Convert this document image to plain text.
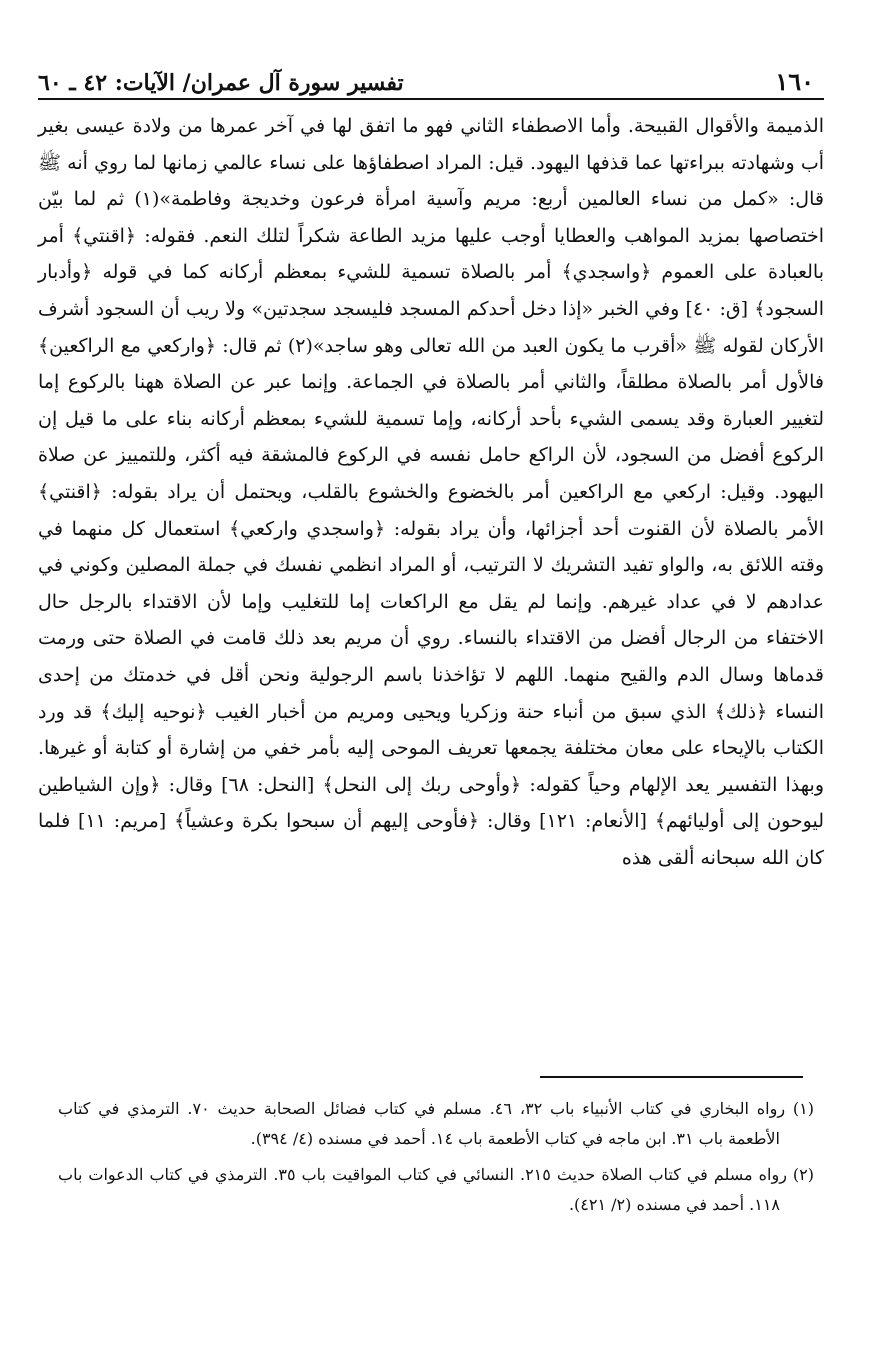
١٦٠
تفسير سورة آل عمران/ الآيات: ٤٢ ـ ٦٠

الذميمة والأقوال القبيحة. وأما الاصطفاء الثاني فهو ما اتفق لها في آخر عمرها من ولادة عيسى بغير أب وشهادته ببراءتها عما قذفها اليهود. قيل: المراد اصطفاؤها على نساء عالمي زمانها لما روي أنه ﷺ قال: «كمل من نساء العالمين أربع: مريم وآسية امرأة فرعون وخديجة وفاطمة»(١) ثم لما بيّن اختصاصها بمزيد المواهب والعطايا أوجب عليها مزيد الطاعة شكراً لتلك النعم. فقوله: ﴿اقنتي﴾ أمر بالعبادة على العموم ﴿واسجدي﴾ أمر بالصلاة تسمية للشيء بمعظم أركانه كما في قوله ﴿وأدبار السجود﴾ [ق: ٤٠] وفي الخبر «إذا دخل أحدكم المسجد فليسجد سجدتين» ولا ريب أن السجود أشرف الأركان لقوله ﷺ «أقرب ما يكون العبد من الله تعالى وهو ساجد»(٢) ثم قال: ﴿واركعي مع الراكعين﴾ فالأول أمر بالصلاة مطلقاً، والثاني أمر بالصلاة في الجماعة. وإنما عبر عن الصلاة ههنا بالركوع إما لتغيير العبارة وقد يسمى الشيء بأحد أركانه، وإما تسمية للشيء بمعظم أركانه بناء على ما قيل إن الركوع أفضل من السجود، لأن الراكع حامل نفسه في الركوع فالمشقة فيه أكثر، وللتمييز عن صلاة اليهود. وقيل: اركعي مع الراكعين أمر بالخضوع والخشوع بالقلب، ويحتمل أن يراد بقوله: ﴿اقنتي﴾ الأمر بالصلاة لأن القنوت أحد أجزائها، وأن يراد بقوله: ﴿واسجدي واركعي﴾ استعمال كل منهما في وقته اللائق به، والواو تفيد التشريك لا الترتيب، أو المراد انظمي نفسك في جملة المصلين وكوني في عدادهم لا في عداد غيرهم. وإنما لم يقل مع الراكعات إما للتغليب وإما لأن الاقتداء بالرجل حال الاختفاء من الرجال أفضل من الاقتداء بالنساء. روي أن مريم بعد ذلك قامت في الصلاة حتى ورمت قدماها وسال الدم والقيح منهما. اللهم لا تؤاخذنا باسم الرجولية ونحن أقل في خدمتك من إحدى النساء ﴿ذلك﴾ الذي سبق من أنباء حنة وزكريا ويحيى ومريم من أخبار الغيب ﴿نوحيه إليك﴾ قد ورد الكتاب بالإيحاء على معان مختلفة يجمعها تعريف الموحى إليه بأمر خفي من إشارة أو كتابة أو غيرها. وبهذا التفسير يعد الإلهام وحياً كقوله: ﴿وأوحى ربك إلى النحل﴾ [النحل: ٦٨] وقال: ﴿وإن الشياطين ليوحون إلى أوليائهم﴾ [الأنعام: ١٢١] وقال: ﴿فأوحى إليهم أن سبحوا بكرة وعشياً﴾ [مريم: ١١] فلما كان الله سبحانه ألقى هذه

(١) رواه البخاري في كتاب الأنبياء باب ٣٢، ٤٦. مسلم في كتاب فضائل الصحابة حديث ٧٠. الترمذي في كتاب الأطعمة باب ٣١. ابن ماجه في كتاب الأطعمة باب ١٤. أحمد في مسنده (٤/ ٣٩٤).

(٢) رواه مسلم في كتاب الصلاة حديث ٢١٥. النسائي في كتاب المواقيت باب ٣٥. الترمذي في كتاب الدعوات باب ١١٨. أحمد في مسنده (٢/ ٤٢١).
